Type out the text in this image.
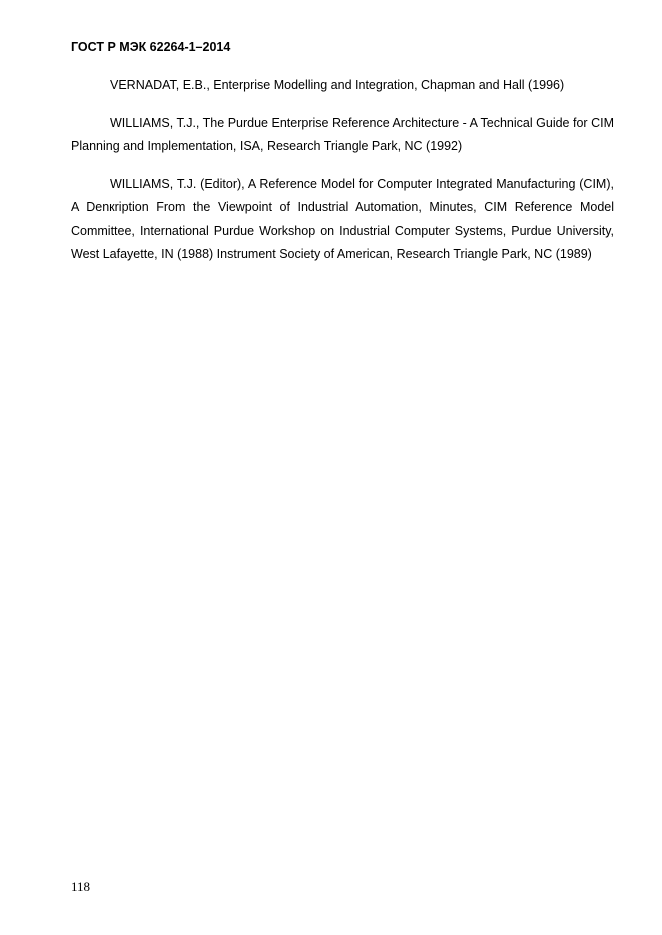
ГОСТ Р МЭК 62264-1–2014

VERNADAT, E.B., Enterprise Modelling and Integration, Chapman and Hall (1996)

WILLIAMS, T.J., The Purdue Enterprise Reference Architecture - A Technical Guide for CIM Planning and Implementation, ISA, Research Triangle Park, NC (1992)

WILLIAMS, T.J. (Editor), A Reference Model for Computer Integrated Manufacturing (CIM), A Denкription From the Viewpoint of Industrial Automation, Minutes, CIM Reference Model Committee, International Purdue Workshop on Industrial Computer Systems, Purdue University, West Lafayette, IN (1988) Instrument Society of American, Research Triangle Park, NC (1989)

118
